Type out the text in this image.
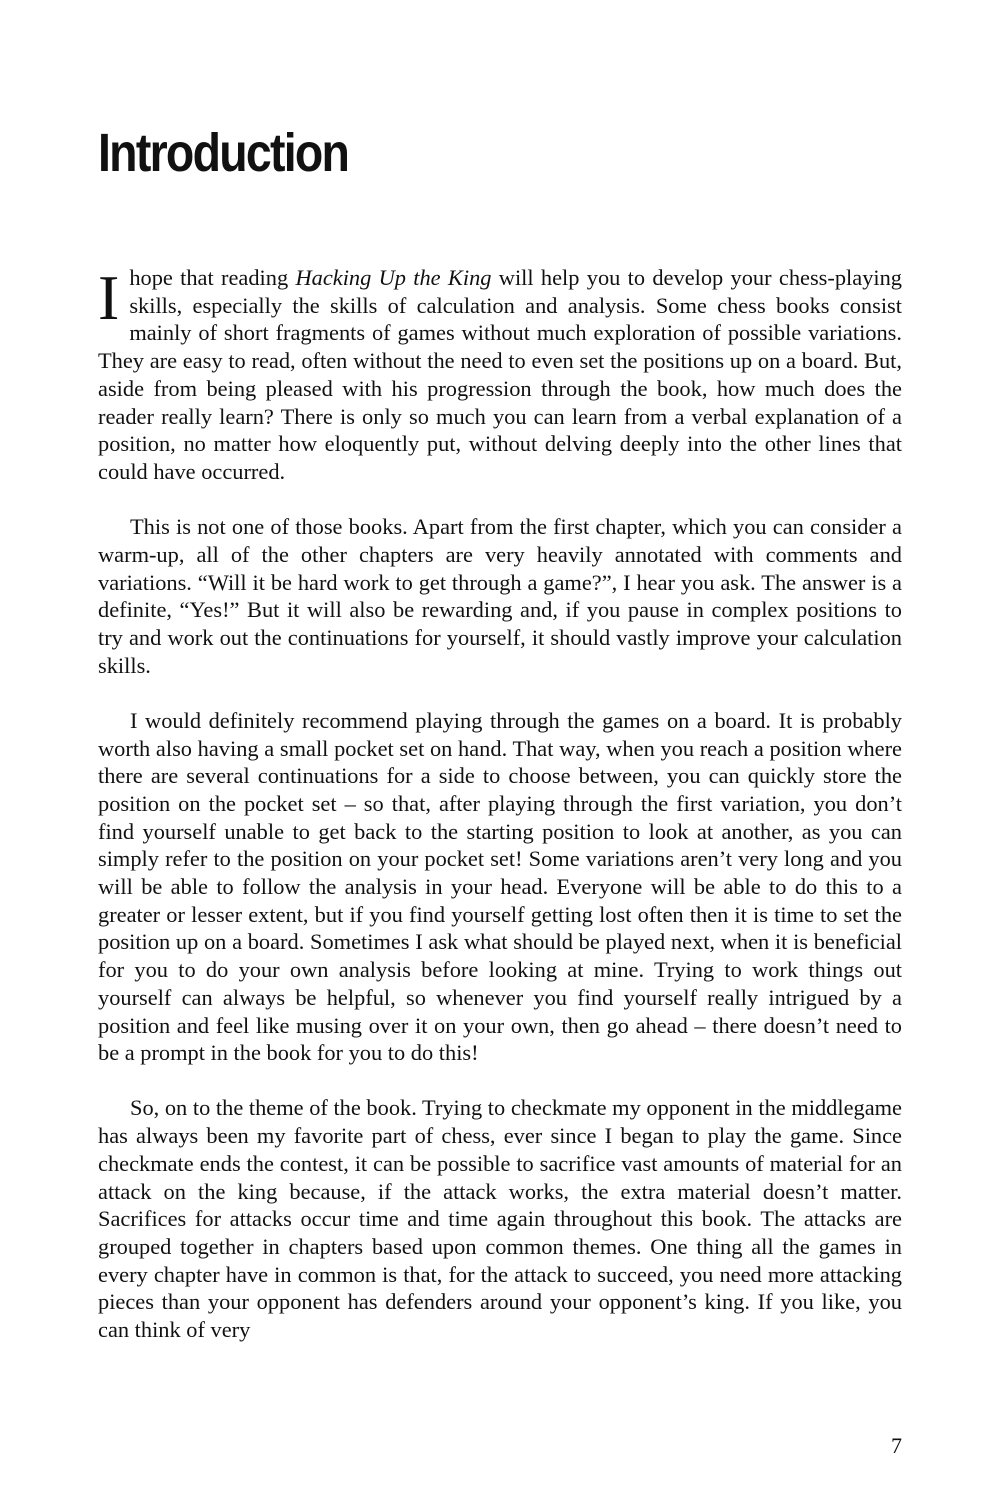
Introduction

Ihope that reading Hacking Up the King will help you to develop your chess-playing skills, especially the skills of calculation and analysis. Some chess books consist mainly of short fragments of games without much exploration of possible variations. They are easy to read, often without the need to even set the positions up on a board. But, aside from being pleased with his progression through the book, how much does the reader really learn? There is only so much you can learn from a verbal explanation of a position, no matter how eloquently put, without delving deeply into the other lines that could have occurred.

This is not one of those books. Apart from the first chapter, which you can consider a warm-up, all of the other chapters are very heavily annotated with comments and variations. “Will it be hard work to get through a game?”, I hear you ask. The answer is a definite, “Yes!” But it will also be rewarding and, if you pause in complex positions to try and work out the continuations for yourself, it should vastly improve your calculation skills.

I would definitely recommend playing through the games on a board. It is probably worth also having a small pocket set on hand. That way, when you reach a position where there are several continuations for a side to choose between, you can quickly store the position on the pocket set – so that, after playing through the first variation, you don’t find yourself unable to get back to the starting position to look at another, as you can simply refer to the position on your pocket set! Some variations aren’t very long and you will be able to follow the analysis in your head. Everyone will be able to do this to a greater or lesser extent, but if you find yourself getting lost often then it is time to set the position up on a board. Sometimes I ask what should be played next, when it is beneficial for you to do your own analysis before looking at mine. Trying to work things out yourself can always be helpful, so whenever you find yourself really intrigued by a position and feel like musing over it on your own, then go ahead – there doesn’t need to be a prompt in the book for you to do this!

So, on to the theme of the book. Trying to checkmate my opponent in the middlegame has always been my favorite part of chess, ever since I began to play the game. Since checkmate ends the contest, it can be possible to sacrifice vast amounts of material for an attack on the king because, if the attack works, the extra material doesn’t matter. Sacrifices for attacks occur time and time again throughout this book. The attacks are grouped together in chapters based upon common themes. One thing all the games in every chapter have in common is that, for the attack to succeed, you need more attacking pieces than your opponent has defenders around your opponent’s king. If you like, you can think of very

7
